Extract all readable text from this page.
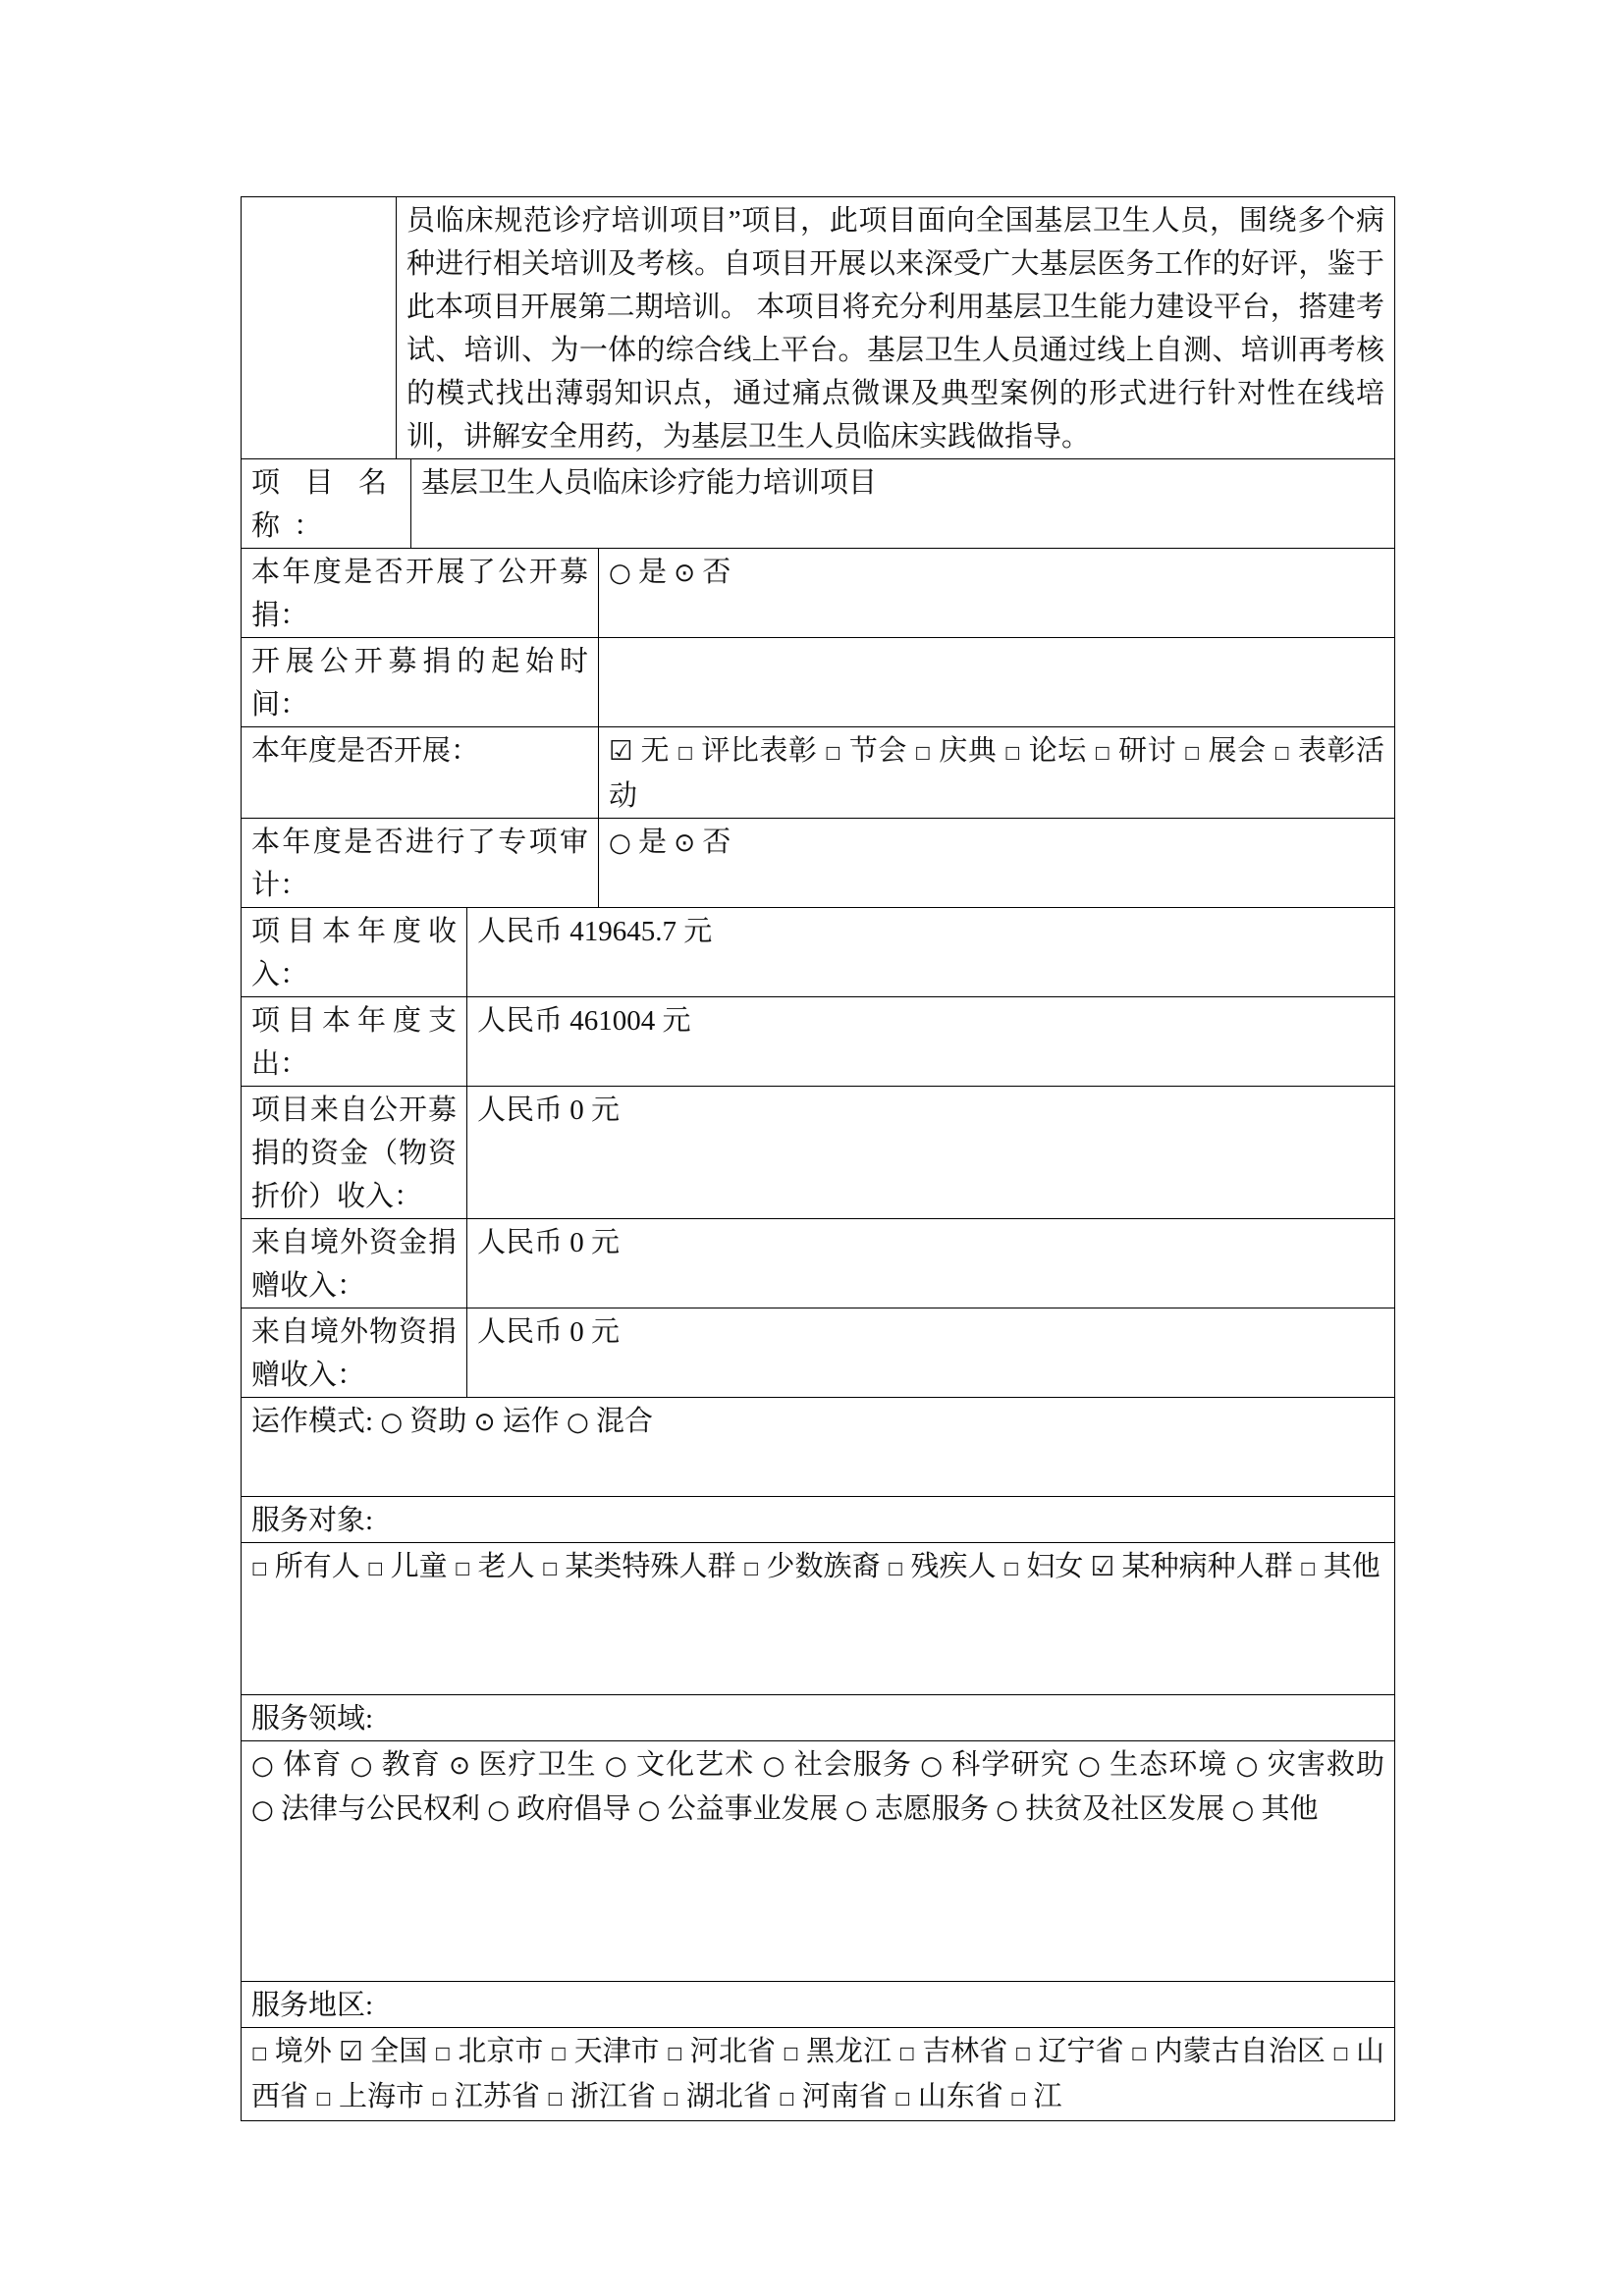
员临床规范诊疗培训项目”项目，此项目面向全国基层卫生人员，围绕多个病种进行相关培训及考核。自项目开展以来深受广大基层医务工作的好评，鉴于此本项目开展第二期培训。 本项目将充分利用基层卫生能力建设平台，搭建考试、培训、为一体的综合线上平台。基层卫生人员通过线上自测、培训再考核的模式找出薄弱知识点，通过痛点微课及典型案例的形式进行针对性在线培训，讲解安全用药，为基层卫生人员临床实践做指导。
项目名称：
基层卫生人员临床诊疗能力培训项目
本年度是否开展了公开募捐：
○ 是 ⊙ 否
开展公开募捐的起始时间：
本年度是否开展：	☑ 无 □ 评比表彰 □ 节会 □ 庆典 □ 论坛 □ 研讨 □ 展会 □ 表彰活动
本年度是否进行了专项审计：
○ 是 ⊙ 否
项目本年度收入：
人民币 419645.7 元
项目本年度支出：
人民币 461004 元
项目来自公开募捐的资金（物资折价）收入：
人民币 0 元
来自境外资金捐赠收入：
人民币 0 元
来自境外物资捐赠收入：
人民币 0 元
运作模式: ○ 资助 ⊙ 运作 ○ 混合
服务对象:
□ 所有人 □ 儿童 □ 老人 □ 某类特殊人群 □ 少数族裔 □ 残疾人 □ 妇女 ☑ 某种病种人群 □ 其他
服务领域:
○ 体育 ○ 教育 ⊙ 医疗卫生 ○ 文化艺术 ○ 社会服务 ○ 科学研究 ○ 生态环境 ○ 灾害救助 ○ 法律与公民权利 ○ 政府倡导 ○ 公益事业发展 ○ 志愿服务 ○ 扶贫及社区发展 ○ 其他
服务地区:
□ 境外 ☑ 全国 □ 北京市 □ 天津市 □ 河北省 □ 黑龙江 □ 吉林省 □ 辽宁省 □ 内蒙古自治区 □ 山西省 □ 上海市 □ 江苏省 □ 浙江省 □ 湖北省 □ 河南省 □ 山东省 □ 江
